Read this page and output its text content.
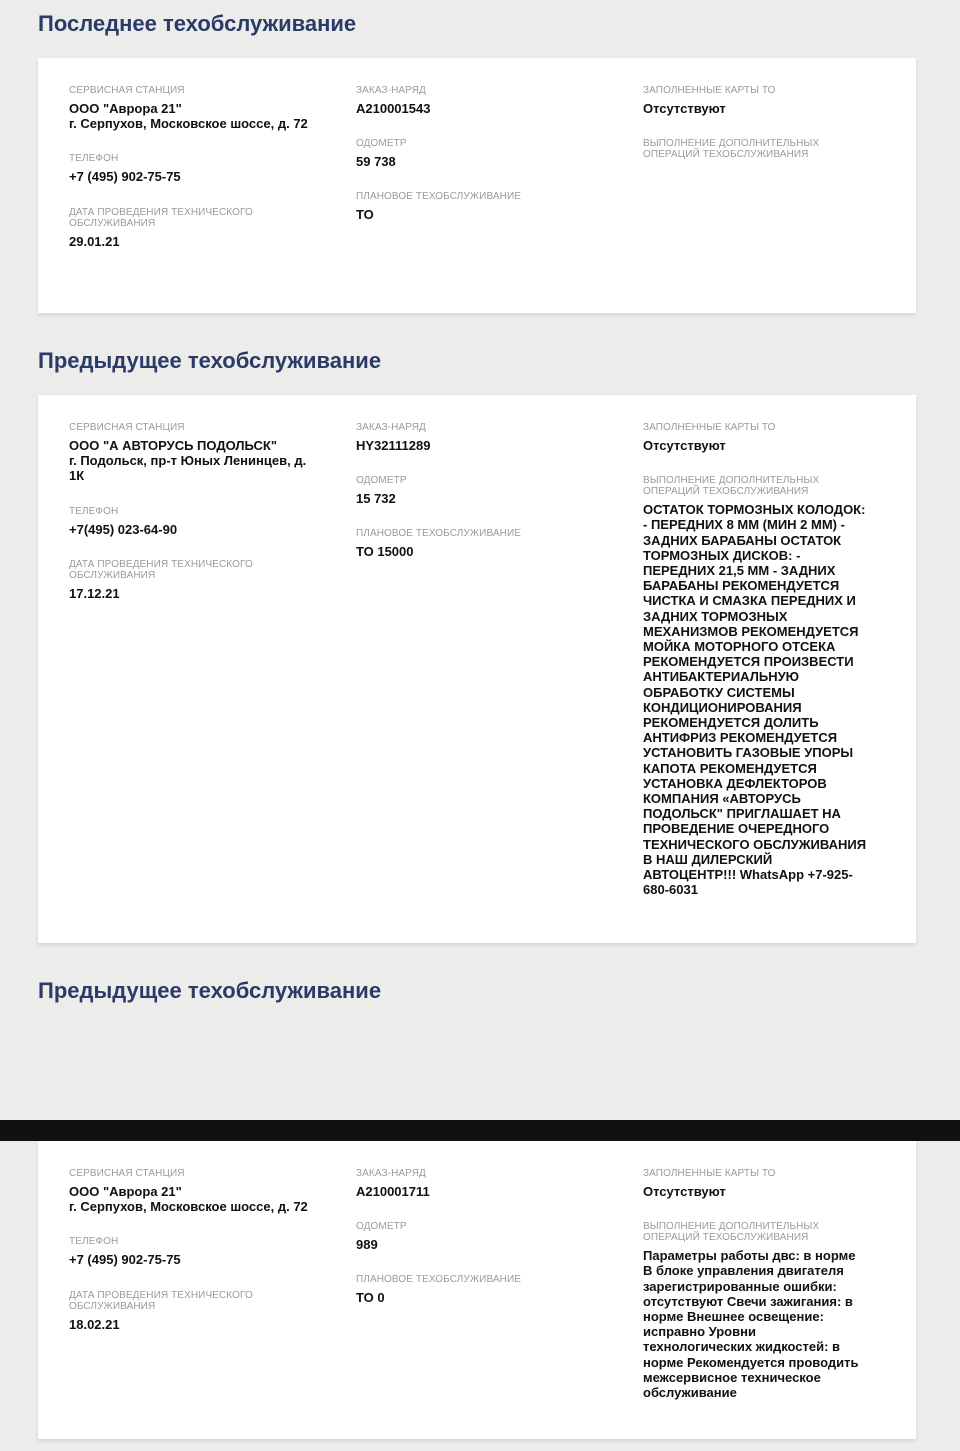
Последнее техобслуживание
СЕРВИСНАЯ СТАНЦИЯ
ООО "Аврора 21"
г. Серпухов, Московское шоссе, д. 72
ТЕЛЕФОН
+7 (495) 902-75-75
ДАТА ПРОВЕДЕНИЯ ТЕХНИЧЕСКОГО ОБСЛУЖИВАНИЯ
29.01.21
ЗАКАЗ-НАРЯД
A210001543
ОДОМЕТР
59 738
ПЛАНОВОЕ ТЕХОБСЛУЖИВАНИЕ
ТО
ЗАПОЛНЕННЫЕ КАРТЫ ТО
Отсутствуют
ВЫПОЛНЕНИЕ ДОПОЛНИТЕЛЬНЫХ ОПЕРАЦИЙ ТЕХОБСЛУЖИВАНИЯ
Предыдущее техобслуживание
СЕРВИСНАЯ СТАНЦИЯ
ООО "А АВТОРУСЬ ПОДОЛЬСК"
г. Подольск, пр-т Юных Ленинцев, д. 1К
ТЕЛЕФОН
+7(495) 023-64-90
ДАТА ПРОВЕДЕНИЯ ТЕХНИЧЕСКОГО ОБСЛУЖИВАНИЯ
17.12.21
ЗАКАЗ-НАРЯД
HY32111289
ОДОМЕТР
15 732
ПЛАНОВОЕ ТЕХОБСЛУЖИВАНИЕ
ТО 15000
ЗАПОЛНЕННЫЕ КАРТЫ ТО
Отсутствуют
ВЫПОЛНЕНИЕ ДОПОЛНИТЕЛЬНЫХ ОПЕРАЦИЙ ТЕХОБСЛУЖИВАНИЯ
ОСТАТОК ТОРМОЗНЫХ КОЛОДОК: - ПЕРЕДНИХ 8 ММ (МИН 2 ММ) - ЗАДНИХ БАРАБАНЫ ОСТАТОК ТОРМОЗНЫХ ДИСКОВ: - ПЕРЕДНИХ 21,5 ММ - ЗАДНИХ БАРАБАНЫ РЕКОМЕНДУЕТСЯ ЧИСТКА И СМАЗКА ПЕРЕДНИХ И ЗАДНИХ ТОРМОЗНЫХ МЕХАНИЗМОВ РЕКОМЕНДУЕТСЯ МОЙКА МОТОРНОГО ОТСЕКА РЕКОМЕНДУЕТСЯ ПРОИЗВЕСТИ АНТИБАКТЕРИАЛЬНУЮ ОБРАБОТКУ СИСТЕМЫ КОНДИЦИОНИРОВАНИЯ РЕКОМЕНДУЕТСЯ ДОЛИТЬ АНТИФРИЗ РЕКОМЕНДУЕТСЯ УСТАНОВИТЬ ГАЗОВЫЕ УПОРЫ КАПОТА РЕКОМЕНДУЕТСЯ УСТАНОВКА ДЕФЛЕКТОРОВ КОМПАНИЯ «АВТОРУСЬ ПОДОЛЬСК" ПРИГЛАШАЕТ НА ПРОВЕДЕНИЕ ОЧЕРЕДНОГО ТЕХНИЧЕСКОГО ОБСЛУЖИВАНИЯ В НАШ ДИЛЕРСКИЙ АВТОЦЕНТР!!! WhatsApp +7-925-680-6031
Предыдущее техобслуживание
СЕРВИСНАЯ СТАНЦИЯ
ООО "Аврора 21"
г. Серпухов, Московское шоссе, д. 72
ТЕЛЕФОН
+7 (495) 902-75-75
ДАТА ПРОВЕДЕНИЯ ТЕХНИЧЕСКОГО ОБСЛУЖИВАНИЯ
18.02.21
ЗАКАЗ-НАРЯД
A210001711
ОДОМЕТР
989
ПЛАНОВОЕ ТЕХОБСЛУЖИВАНИЕ
ТО 0
ЗАПОЛНЕННЫЕ КАРТЫ ТО
Отсутствуют
ВЫПОЛНЕНИЕ ДОПОЛНИТЕЛЬНЫХ ОПЕРАЦИЙ ТЕХОБСЛУЖИВАНИЯ
Параметры работы двс: в норме В блоке управления двигателя зарегистрированные ошибки: отсутствуют Свечи зажигания: в норме Внешнее освещение: исправно Уровни технологических жидкостей: в норме Рекомендуется проводить межсервисное техническое обслуживание
